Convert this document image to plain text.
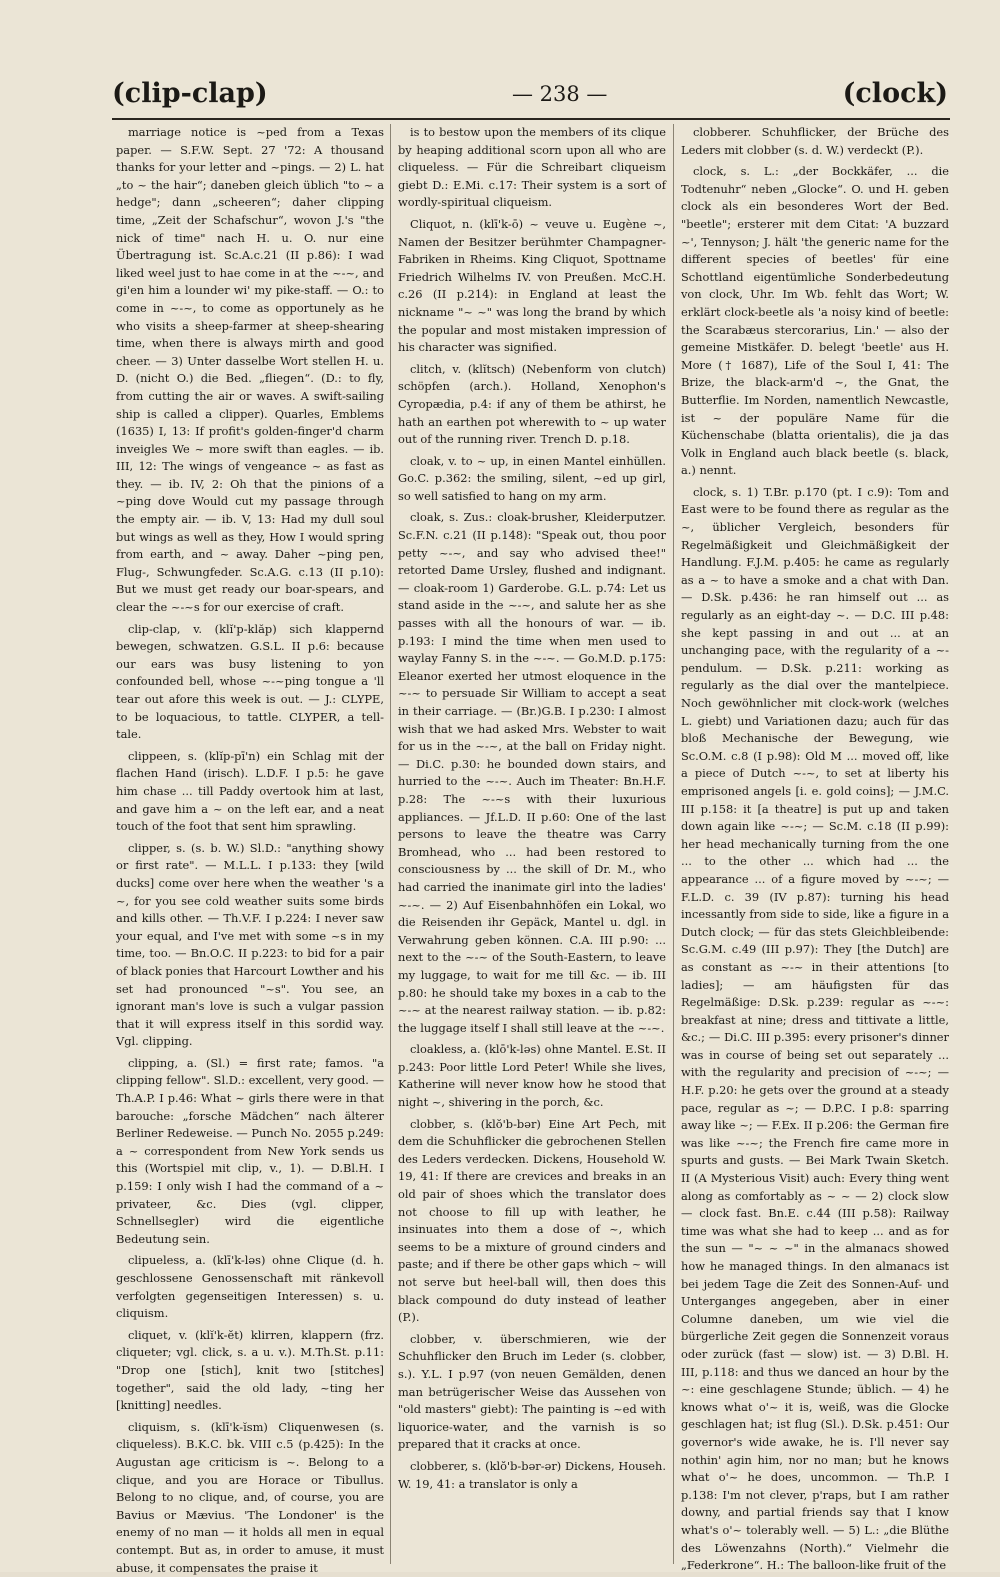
(clip-clap)	— 238 —	(clock)

marriage notice is ~ped from a Texas paper. — S.F.W. Sept. 27 '72: A thousand thanks for your letter and ~pings. — 2) L. hat „to ~ the hair“; daneben gleich üblich "to ~ a hedge"; dann „scheeren“; daher clipping time, „Zeit der Schafschur“, wovon J.'s "the nick of time" nach H. u. O. nur eine Übertragung ist. Sc.A.c.21 (II p.86): I wad liked weel just to hae come in at the ~-~, and gi'en him a lounder wi' my pike-staff. — O.: to come in ~-~, to come as opportunely as he who visits a sheep-farmer at sheep-shearing time, when there is always mirth and good cheer. — 3) Unter dasselbe Wort stellen H. u. D. (nicht O.) die Bed. „fliegen“. (D.: to fly, from cutting the air or waves. A swift-sailing ship is called a clipper). Quarles, Emblems (1635) I, 13: If profit's golden-finger'd charm inveigles We ~ more swift than eagles. — ib. III, 12: The wings of vengeance ~ as fast as they. — ib. IV, 2: Oh that the pinions of a ~ping dove Would cut my passage through the empty air. — ib. V, 13: Had my dull soul but wings as well as they, How I would spring from earth, and ~ away. Daher ~ping pen, Flug-, Schwungfeder. Sc.A.G. c.13 (II p.10): But we must get ready our boar-spears, and clear the ~-~s for our exercise of craft.

clip-clap, v. (klĭ'p-klăp) sich klappernd bewegen, schwatzen. G.S.L. II p.6: because our ears was busy listening to yon confounded bell, whose ~-~ping tongue a 'll tear out afore this week is out. — J.: CLYPE, to be loquacious, to tattle. CLYPER, a tell-tale.

clippeen, s. (klĭp-pī'n) ein Schlag mit der flachen Hand (irisch). L.D.F. I p.5: he gave him chase ... till Paddy overtook him at last, and gave him a ~ on the left ear, and a neat touch of the foot that sent him sprawling.

clipper, s. (s. b. W.) Sl.D.: "anything showy or first rate". — M.L.L. I p.133: they [wild ducks] come over here when the weather 's a ~, for you see cold weather suits some birds and kills other. — Th.V.F. I p.224: I never saw your equal, and I've met with some ~s in my time, too. — Bn.O.C. II p.223: to bid for a pair of black ponies that Harcourt Lowther and his set had pronounced "~s". You see, an ignorant man's love is such a vulgar passion that it will express itself in this sordid way. Vgl. clipping.

clipping, a. (Sl.) = first rate; famos. "a clipping fellow". Sl.D.: excellent, very good. — Th.A.P. I p.46: What ~ girls there were in that barouche: „forsche Mädchen“ nach älterer Berliner Redeweise. — Punch No. 2055 p.249: a ~ correspondent from New York sends us this (Wortspiel mit clip, v., 1). — D.Bl.H. I p.159: I only wish I had the command of a ~ privateer, &c. Dies (vgl. clipper, Schnellsegler) wird die eigentliche Bedeutung sein.

clipueless, a. (klī'k-ləs) ohne Clique (d. h. geschlossene Genossenschaft mit ränkevoll verfolgten gegenseitigen Interessen) s. u. cliquism.

cliquet, v. (klĭ'k-ĕt) klirren, klappern (frz. cliqueter; vgl. click, s. a u. v.). M.Th.St. p.11: "Drop one [stich], knit two [stitches] together", said the old lady, ~ting her [knitting] needles.

cliquism, s. (klī'k-ĭsm) Cliquenwesen (s. cliqueless). B.K.C. bk. VIII c.5 (p.425): In the Augustan age criticism is ~. Belong to a clique, and you are Horace or Tibullus. Belong to no clique, and, of course, you are Bavius or Mævius. 'The Londoner' is the enemy of no man — it holds all men in equal contempt. But as, in order to amuse, it must abuse, it compensates the praise it

is to bestow upon the members of its clique by heaping additional scorn upon all who are cliqueless. — Für die Schreibart cliqueism giebt D.: E.Mi. c.17: Their system is a sort of wordly-spiritual cliqueism.

Cliquot, n. (klī'k-ō) ~ veuve u. Eugène ~, Namen der Besitzer berühmter Champagner-Fabriken in Rheims. King Cliquot, Spottname Friedrich Wilhelms IV. von Preußen. McC.H. c.26 (II p.214): in England at least the nickname "~ ~" was long the brand by which the popular and most mistaken impression of his character was signified.

clitch, v. (klĭtsch) (Nebenform von clutch) schöpfen (arch.). Holland, Xenophon's Cyropædia, p.4: if any of them be athirst, he hath an earthen pot wherewith to ~ up water out of the running river. Trench D. p.18.

cloak, v. to ~ up, in einen Mantel einhüllen. Go.C. p.362: the smiling, silent, ~ed up girl, so well satisfied to hang on my arm.

cloak, s. Zus.: cloak-brusher, Kleiderputzer. Sc.F.N. c.21 (II p.148): "Speak out, thou poor petty ~-~, and say who advised thee!" retorted Dame Ursley, flushed and indignant. — cloak-room 1) Garderobe. G.L. p.74: Let us stand aside in the ~-~, and salute her as she passes with all the honours of war. — ib. p.193: I mind the time when men used to waylay Fanny S. in the ~-~. — Go.M.D. p.175: Eleanor exerted her utmost eloquence in the ~-~ to persuade Sir William to accept a seat in their carriage. — (Br.)G.B. I p.230: I almost wish that we had asked Mrs. Webster to wait for us in the ~-~, at the ball on Friday night. — Di.C. p.30: he bounded down stairs, and hurried to the ~-~. Auch im Theater: Bn.H.F. p.28: The ~-~s with their luxurious appliances. — Jf.L.D. II p.60: One of the last persons to leave the theatre was Carry Bromhead, who ... had been restored to consciousness by ... the skill of Dr. M., who had carried the inanimate girl into the ladies' ~-~. — 2) Auf Eisenbahnhöfen ein Lokal, wo die Reisenden ihr Gepäck, Mantel u. dgl. in Verwahrung geben können. C.A. III p.90: ... next to the ~-~ of the South-Eastern, to leave my luggage, to wait for me till &c. — ib. III p.80: he should take my boxes in a cab to the ~-~ at the nearest railway station. — ib. p.82: the luggage itself I shall still leave at the ~-~.

cloakless, a. (klō'k-ləs) ohne Mantel. E.St. II p.243: Poor little Lord Peter! While she lives, Katherine will never know how he stood that night ~, shivering in the porch, &c.

clobber, s. (klŏ'b-bər) Eine Art Pech, mit dem die Schuhflicker die gebrochenen Stellen des Leders verdecken. Dickens, Household W. 19, 41: If there are crevices and breaks in an old pair of shoes which the translator does not choose to fill up with leather, he insinuates into them a dose of ~, which seems to be a mixture of ground cinders and paste; and if there be other gaps which ~ will not serve but heel-ball will, then does this black compound do duty instead of leather (P.).

clobber, v. überschmieren, wie der Schuhflicker den Bruch im Leder (s. clobber, s.). Y.L. I p.97 (von neuen Gemälden, denen man betrügerischer Weise das Aussehen von "old masters" giebt): The painting is ~ed with liquorice-water, and the varnish is so prepared that it cracks at once.

clobberer, s. (klŏ'b-bər-ər) Dickens, Househ. W. 19, 41: a translator is only a

clobberer. Schuhflicker, der Brüche des Leders mit clobber (s. d. W.) verdeckt (P.).

clock, s. L.: „der Bockkäfer, ... die Todtenuhr“ neben „Glocke“. O. und H. geben clock als ein besonderes Wort der Bed. "beetle"; ersterer mit dem Citat: 'A buzzard ~', Tennyson; J. hält 'the generic name for the different species of beetles' für eine Schottland eigentümliche Sonderbedeutung von clock, Uhr. Im Wb. fehlt das Wort; W. erklärt clock-beetle als 'a noisy kind of beetle: the Scarabæus stercorarius, Lin.' — also der gemeine Mistkäfer. D. belegt 'beetle' aus H. More († 1687), Life of the Soul I, 41: The Brize, the black-arm'd ~, the Gnat, the Butterflie. Im Norden, namentlich Newcastle, ist ~ der populäre Name für die Küchenschabe (blatta orientalis), die ja das Volk in England auch black beetle (s. black, a.) nennt.

clock, s. 1) T.Br. p.170 (pt. I c.9): Tom and East were to be found there as regular as the ~, üblicher Vergleich, besonders für Regelmäßigkeit und Gleichmäßigkeit der Handlung. F.J.M. p.405: he came as regularly as a ~ to have a smoke and a chat with Dan. — D.Sk. p.436: he ran himself out ... as regularly as an eight-day ~. — D.C. III p.48: she kept passing in and out ... at an unchanging pace, with the regularity of a ~-pendulum. — D.Sk. p.211: working as regularly as the dial over the mantelpiece. Noch gewöhnlicher mit clock-work (welches L. giebt) und Variationen dazu; auch für das bloß Mechanische der Bewegung, wie Sc.O.M. c.8 (I p.98): Old M ... moved off, like a piece of Dutch ~-~, to set at liberty his emprisoned angels [i. e. gold coins]; — J.M.C. III p.158: it [a theatre] is put up and taken down again like ~-~; — Sc.M. c.18 (II p.99): her head mechanically turning from the one ... to the other ... which had ... the appearance ... of a figure moved by ~-~; — F.L.D. c. 39 (IV p.87): turning his head incessantly from side to side, like a figure in a Dutch clock; — für das stets Gleichbleibende: Sc.G.M. c.49 (III p.97): They [the Dutch] are as constant as ~-~ in their attentions [to ladies]; — am häufigsten für das Regelmäßige: D.Sk. p.239: regular as ~-~: breakfast at nine; dress and tittivate a little, &c.; — Di.C. III p.395: every prisoner's dinner was in course of being set out separately ... with the regularity and precision of ~-~; — H.F. p.20: he gets over the ground at a steady pace, regular as ~; — D.P.C. I p.8: sparring away like ~; — F.Ex. II p.206: the German fire was like ~-~; the French fire came more in spurts and gusts. — Bei Mark Twain Sketch. II (A Mysterious Visit) auch: Every thing went along as comfortably as ~ ~ — 2) clock slow — clock fast. Bn.E. c.44 (III p.58): Railway time was what she had to keep ... and as for the sun — "~ ~ ~" in the almanacs showed how he managed things. In den almanacs ist bei jedem Tage die Zeit des Sonnen-Auf- und Unterganges angegeben, aber in einer Columne daneben, um wie viel die bürgerliche Zeit gegen die Sonnenzeit voraus oder zurück (fast — slow) ist. — 3) D.Bl. H. III, p.118: and thus we danced an hour by the ~: eine geschlagene Stunde; üblich. — 4) he knows what o'~ it is, weiß, was die Glocke geschlagen hat; ist flug (Sl.). D.Sk. p.451: Our governor's wide awake, he is. I'll never say nothin' agin him, nor no man; but he knows what o'~ he does, uncommon. — Th.P. I p.138: I'm not clever, p'raps, but I am rather downy, and partial friends say that I know what's o'~ tolerably well. — 5) L.: „die Blüthe des Löwenzahns (North).“ Vielmehr die „Federkrone“. H.: The balloon-like fruit of the
